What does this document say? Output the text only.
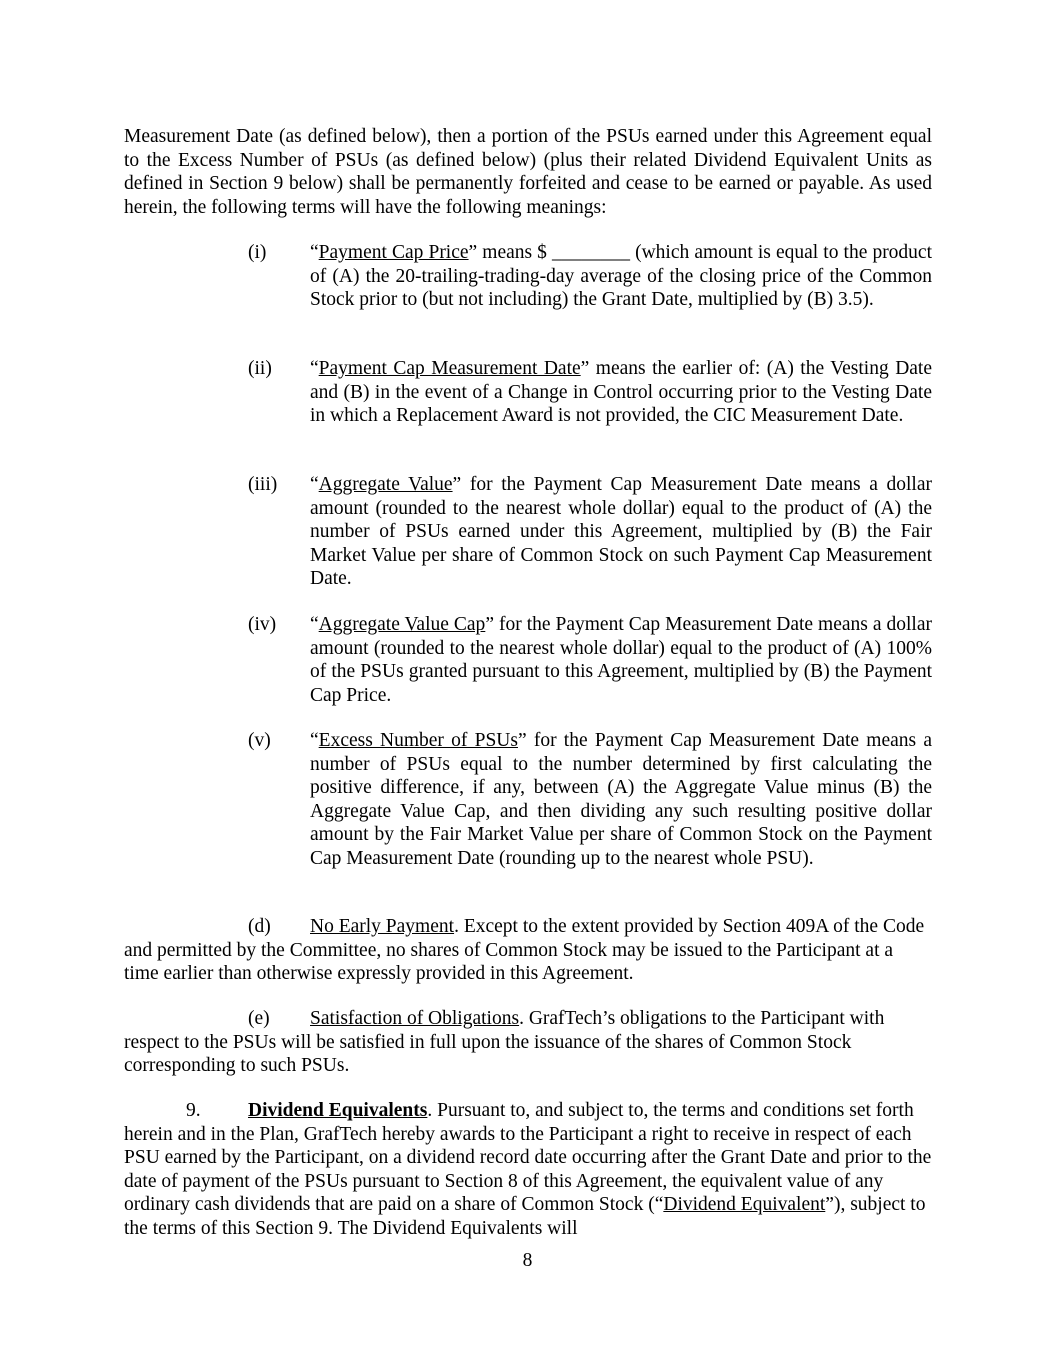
Measurement Date (as defined below), then a portion of the PSUs earned under this Agreement equal to the Excess Number of PSUs (as defined below) (plus their related Dividend Equivalent Units as defined in Section 9 below) shall be permanently forfeited and cease to be earned or payable. As used herein, the following terms will have the following meanings:

(i) “Payment Cap Price” means $ ________ (which amount is equal to the product of (A) the 20-trailing-trading-day average of the closing price of the Common Stock prior to (but not including) the Grant Date, multiplied by (B) 3.5).
(ii) “Payment Cap Measurement Date” means the earlier of: (A) the Vesting Date and (B) in the event of a Change in Control occurring prior to the Vesting Date in which a Replacement Award is not provided, the CIC Measurement Date.
(iii) “Aggregate Value” for the Payment Cap Measurement Date means a dollar amount (rounded to the nearest whole dollar) equal to the product of (A) the number of PSUs earned under this Agreement, multiplied by (B) the Fair Market Value per share of Common Stock on such Payment Cap Measurement Date.
(iv) “Aggregate Value Cap” for the Payment Cap Measurement Date means a dollar amount (rounded to the nearest whole dollar) equal to the product of (A) 100% of the PSUs granted pursuant to this Agreement, multiplied by (B) the Payment Cap Price.
(v) “Excess Number of PSUs” for the Payment Cap Measurement Date means a number of PSUs equal to the number determined by first calculating the positive difference, if any, between (A) the Aggregate Value minus (B) the Aggregate Value Cap, and then dividing any such resulting positive dollar amount by the Fair Market Value per share of Common Stock on the Payment Cap Measurement Date (rounding up to the nearest whole PSU).

(d) No Early Payment. Except to the extent provided by Section 409A of the Code and permitted by the Committee, no shares of Common Stock may be issued to the Participant at a time earlier than otherwise expressly provided in this Agreement.

(e) Satisfaction of Obligations. GrafTech’s obligations to the Participant with respect to the PSUs will be satisfied in full upon the issuance of the shares of Common Stock corresponding to such PSUs.

9. Dividend Equivalents. Pursuant to, and subject to, the terms and conditions set forth herein and in the Plan, GrafTech hereby awards to the Participant a right to receive in respect of each PSU earned by the Participant, on a dividend record date occurring after the Grant Date and prior to the date of payment of the PSUs pursuant to Section 8 of this Agreement, the equivalent value of any ordinary cash dividends that are paid on a share of Common Stock (“Dividend Equivalent”), subject to the terms of this Section 9. The Dividend Equivalents will

8
